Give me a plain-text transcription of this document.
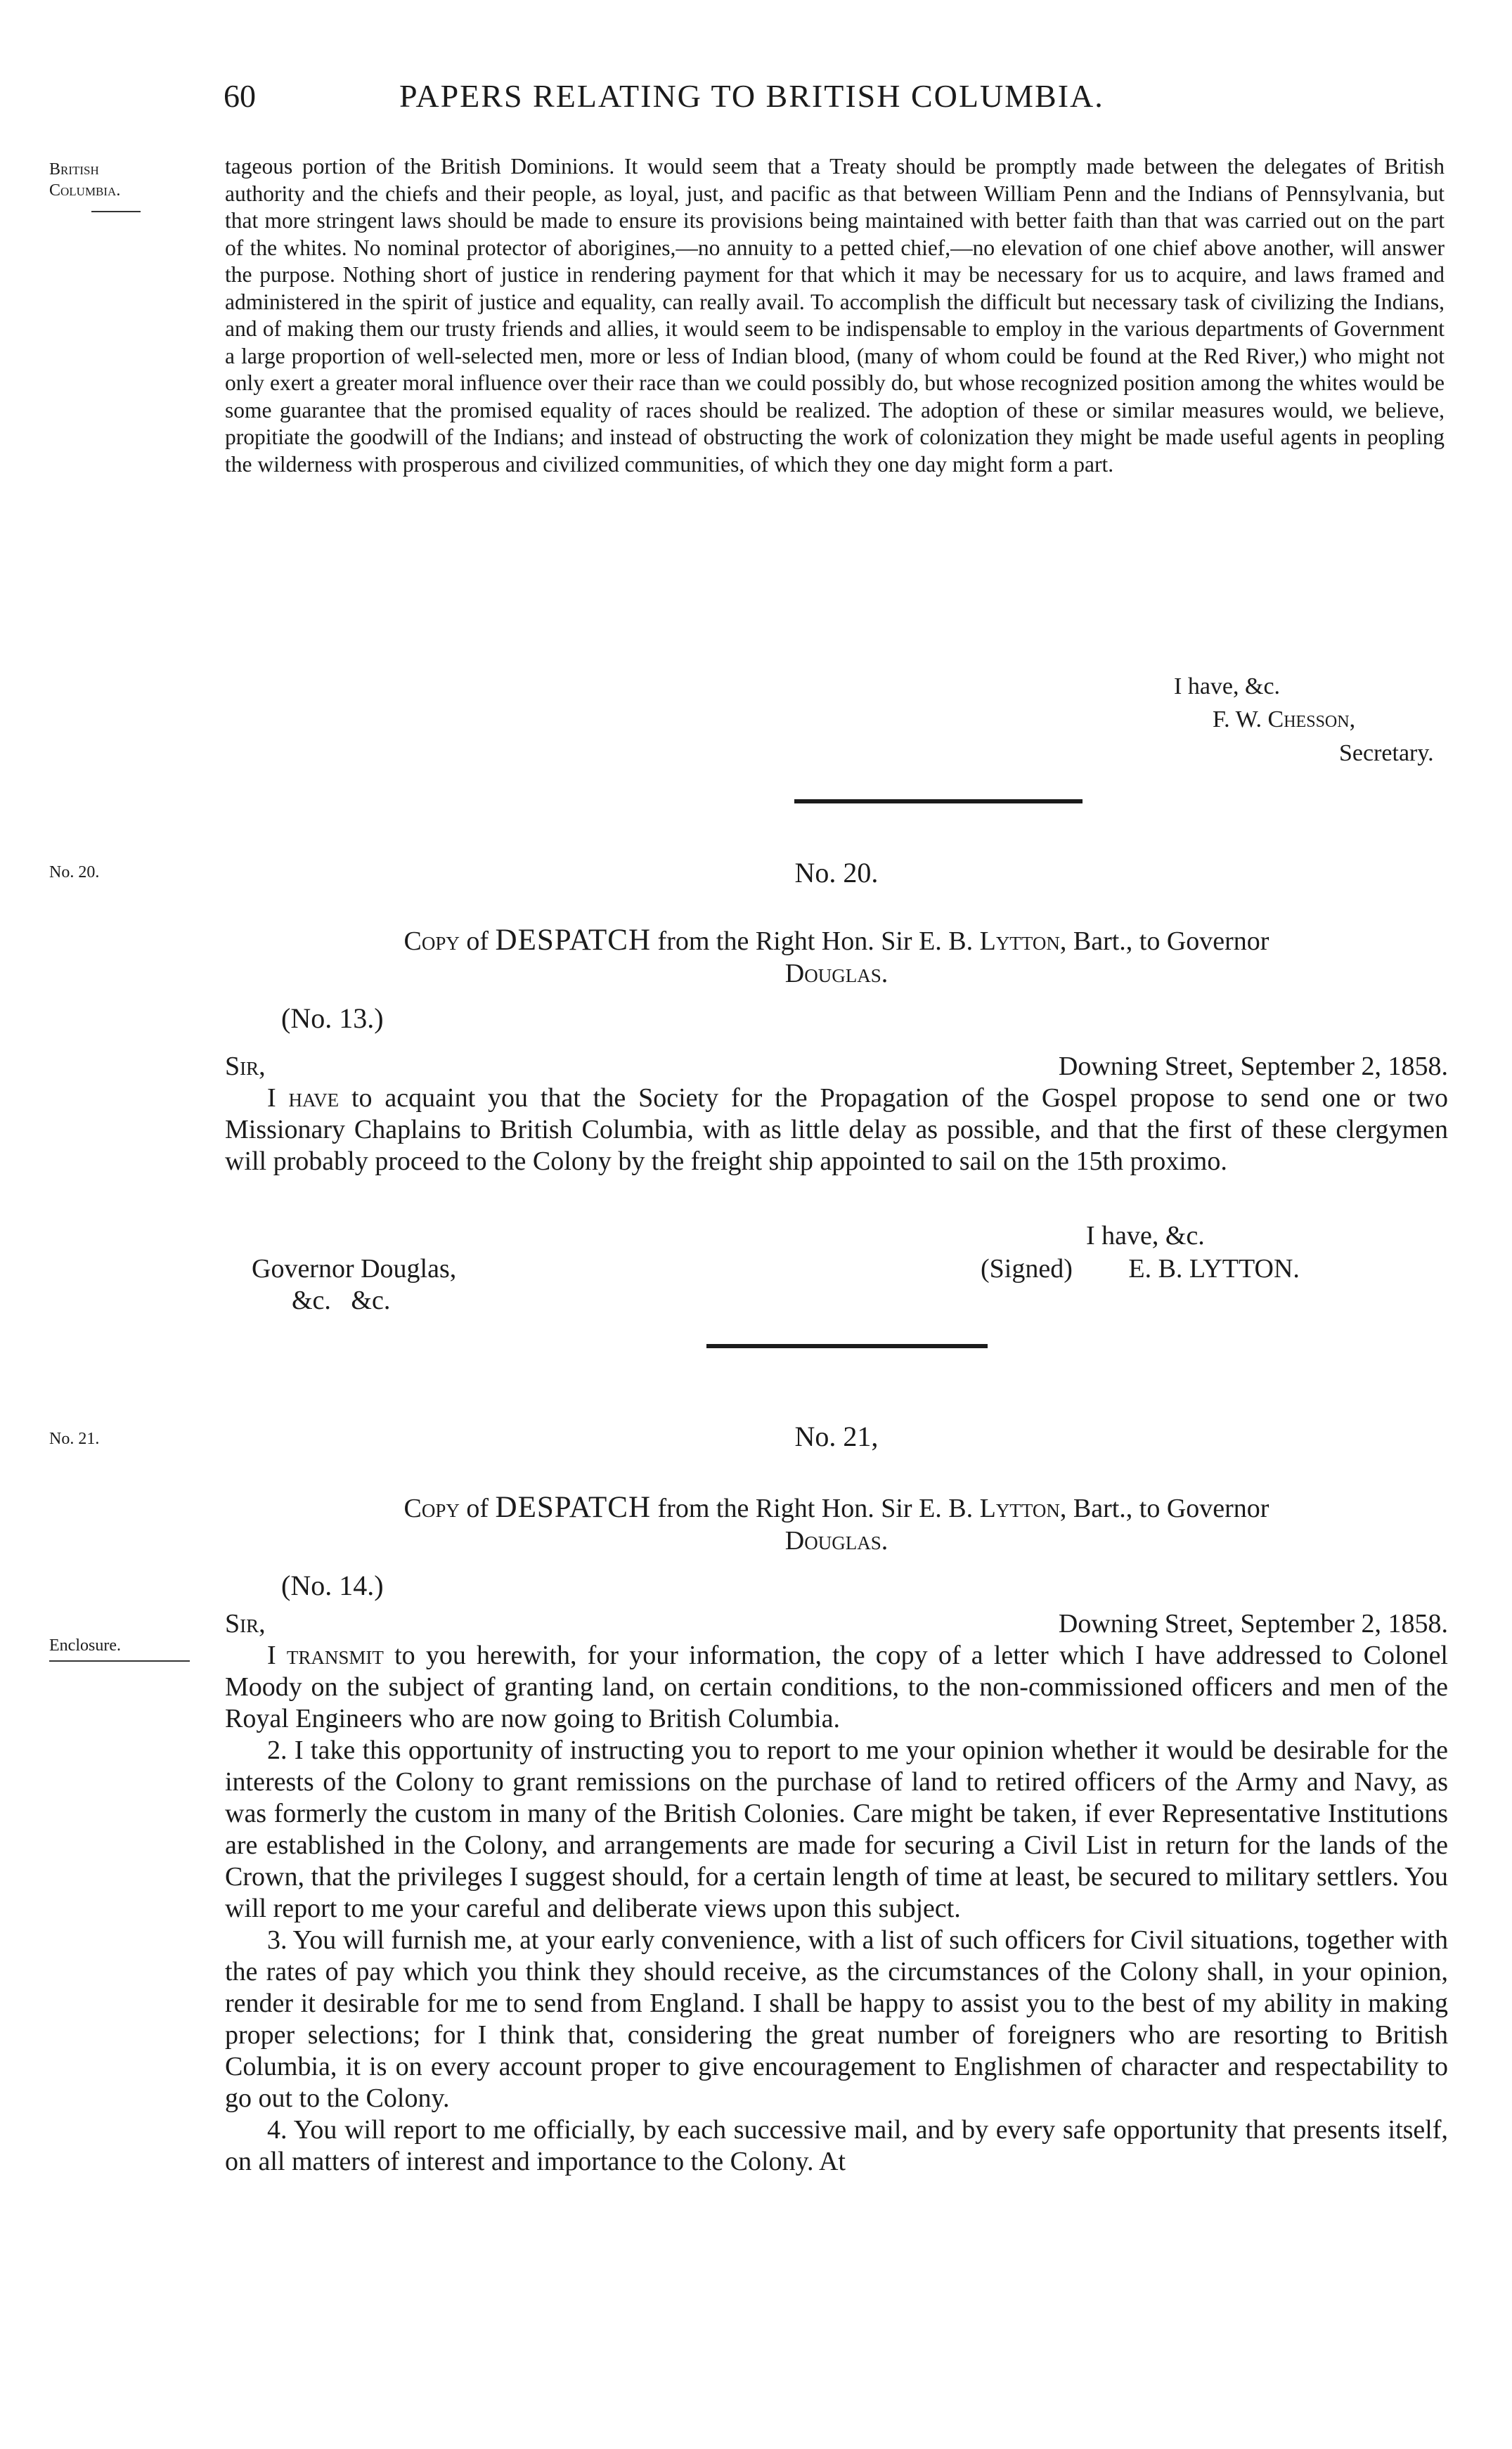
60	PAPERS RELATING TO BRITISH COLUMBIA.
British
Columbia.
No. 20.
No. 21.
Enclosure.

tageous portion of the British Dominions. It would seem that a Treaty should be promptly made between the delegates of British authority and the chiefs and their people, as loyal, just, and pacific as that between William Penn and the Indians of Pennsylvania, but that more stringent laws should be made to ensure its provisions being maintained with better faith than that was carried out on the part of the whites. No nominal protector of aborigines,—no annuity to a petted chief,—no elevation of one chief above another, will answer the purpose. Nothing short of justice in rendering payment for that which it may be necessary for us to acquire, and laws framed and administered in the spirit of justice and equality, can really avail. To accomplish the difficult but necessary task of civilizing the Indians, and of making them our trusty friends and allies, it would seem to be indispensable to employ in the various departments of Government a large proportion of well-selected men, more or less of Indian blood, (many of whom could be found at the Red River,) who might not only exert a greater moral influence over their race than we could possibly do, but whose recognized position among the whites would be some guarantee that the promised equality of races should be realized. The adoption of these or similar measures would, we believe, propitiate the goodwill of the Indians; and instead of obstructing the work of colonization they might be made useful agents in peopling the wilderness with prosperous and civilized communities, of which they one day might form a part.

I have, &c.
F. W. Chesson,
Secretary.
No. 20.
Copy of DESPATCH from the Right Hon. Sir E. B. Lytton, Bart., to Governor
Douglas.
(No. 13.)
Sir,	Downing Street, September 2, 1858.

I have to acquaint you that the Society for the Propagation of the Gospel propose to send one or two Missionary Chaplains to British Columbia, with as little delay as possible, and that the first of these clergymen will probably proceed to the Colony by the freight ship appointed to sail on the 15th proximo.

I have, &c.
Governor Douglas,
&c.   &c.
(Signed) E. B. LYTTON.
No. 21,
Copy of DESPATCH from the Right Hon. Sir E. B. Lytton, Bart., to Governor
Douglas.
(No. 14.)
Sir,	Downing Street, September 2, 1858.

I transmit to you herewith, for your information, the copy of a letter which I have addressed to Colonel Moody on the subject of granting land, on certain conditions, to the non-commissioned officers and men of the Royal Engineers who are now going to British Columbia.

2. I take this opportunity of instructing you to report to me your opinion whether it would be desirable for the interests of the Colony to grant remissions on the purchase of land to retired officers of the Army and Navy, as was formerly the custom in many of the British Colonies. Care might be taken, if ever Representative Institutions are established in the Colony, and arrangements are made for securing a Civil List in return for the lands of the Crown, that the privileges I suggest should, for a certain length of time at least, be secured to military settlers. You will report to me your careful and deliberate views upon this subject.

3. You will furnish me, at your early convenience, with a list of such officers for Civil situations, together with the rates of pay which you think they should receive, as the circumstances of the Colony shall, in your opinion, render it desirable for me to send from England. I shall be happy to assist you to the best of my ability in making proper selections; for I think that, considering the great number of foreigners who are resorting to British Columbia, it is on every account proper to give encouragement to Englishmen of character and respectability to go out to the Colony.

4. You will report to me officially, by each successive mail, and by every safe opportunity that presents itself, on all matters of interest and importance to the Colony. At
